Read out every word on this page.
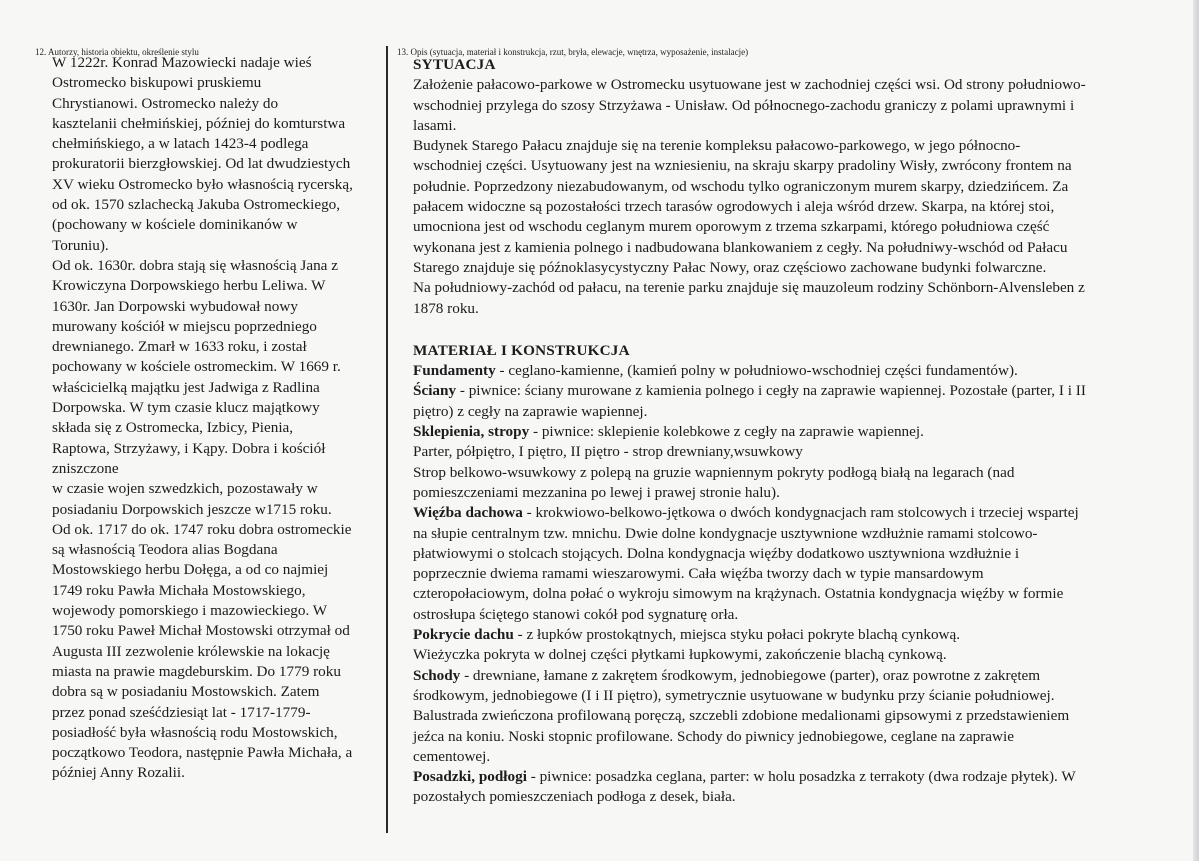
12. Autorzy, historia obiektu, określenie stylu	13. Opis (sytuacja, materiał i konstrukcja, rzut, bryła, elewacje, wnętrza, wyposażenie, instalacje)
W 1222r. Konrad Mazowiecki nadaje wieś
Ostromecko biskupowi pruskiemu
Chrystianowi. Ostromecko należy do
kasztelanii chełmińskiej, później do komturstwa
chełmińskiego, a w latach 1423-4 podlega
prokuratorii bierzgłowskiej. Od lat dwudziestych
XV wieku Ostromecko było własnością rycerską,
od ok. 1570 szlachecką Jakuba Ostromeckiego,
(pochowany w kościele dominikanów w
Toruniu).
Od ok. 1630r. dobra stają się własnością Jana z
Krowiczyna Dorpowskiego herbu Leliwa. W
1630r. Jan Dorpowski wybudował nowy
murowany kościół w miejscu poprzedniego
drewnianego. Zmarł w 1633 roku, i został
pochowany w kościele ostromeckim. W 1669 r.
właścicielką majątku jest Jadwiga z Radlina
Dorpowska. W tym czasie klucz majątkowy
składa się z Ostromecka, Izbicy, Pienia,
Raptowa, Strzyżawy, i Kąpy. Dobra i kościół
zniszczone
w czasie wojen szwedzkich, pozostawały w
posiadaniu Dorpowskich jeszcze w1715 roku.
Od ok. 1717 do ok. 1747 roku dobra ostromeckie
są własnością Teodora alias Bogdana
Mostowskiego herbu Dołęga, a od co najmiej
1749 roku Pawła Michała Mostowskiego,
wojewody pomorskiego i mazowieckiego. W
1750 roku Paweł Michał Mostowski otrzymał od
Augusta III zezwolenie królewskie na lokację
miasta na prawie magdeburskim. Do 1779 roku
dobra są w posiadaniu Mostowskich. Zatem
przez ponad sześćdziesiąt lat - 1717-1779-
posiadłość była własnością rodu Mostowskich,
początkowo Teodora, następnie Pawła Michała, a
później Anny Rozalii.
SYTUACJA
Założenie pałacowo-parkowe w Ostromecku usytuowane jest w zachodniej części wsi. Od strony południowo-
wschodniej przylega do szosy Strzyżawa - Unisław. Od północnego-zachodu graniczy z polami uprawnymi i
lasami.
Budynek Starego Pałacu znajduje się na terenie kompleksu pałacowo-parkowego, w jego północno-
wschodniej części. Usytuowany jest na wzniesieniu, na skraju skarpy pradoliny Wisły, zwrócony frontem na
południe. Poprzedzony niezabudowanym, od wschodu tylko ograniczonym murem skarpy, dziedzińcem. Za
pałacem widoczne są pozostałości trzech tarasów ogrodowych i aleja wśród drzew. Skarpa, na której stoi,
umocniona jest od wschodu ceglanym murem oporowym z trzema szkarpami, którego południowa część
wykonana jest z kamienia polnego i nadbudowana blankowaniem z cegły. Na południwy-wschód od Pałacu
Starego znajduje się późnoklasycystyczny Pałac Nowy, oraz częściowo zachowane budynki folwarczne.
Na południowy-zachód od pałacu, na terenie parku znajduje się mauzoleum rodziny Schönborn-Alvensleben z
1878 roku.
MATERIAŁ I KONSTRUKCJA
Fundamenty - ceglano-kamienne, (kamień polny w południowo-wschodniej części fundamentów).
Ściany - piwnice: ściany murowane z kamienia polnego i cegły na zaprawie wapiennej. Pozostałe (parter, I i II
piętro) z cegły na zaprawie wapiennej.
Sklepienia, stropy - piwnice: sklepienie kolebkowe z cegły na zaprawie wapiennej.
Parter, półpiętro, I piętro, II piętro - strop drewniany,wsuwkowy
Strop belkowo-wsuwkowy z polepą na gruzie wapniennym pokryty podłogą białą na legarach (nad
pomieszczeniami mezzanina po lewej i prawej stronie halu).
Więźba dachowa - krokwiowo-belkowo-jętkowa o dwóch kondygnacjach ram stolcowych i trzeciej wspartej
na słupie centralnym tzw. mnichu. Dwie dolne kondygnacje usztywnione wzdłużnie ramami stolcowo-
płatwiowymi o stolcach stojących. Dolna kondygnacja więźby dodatkowo usztywniona wzdłużnie i
poprzecznie dwiema ramami wieszarowymi. Cała więźba tworzy dach w typie mansardowym
czteropołaciowym, dolna połać o wykroju simowym na krążynach. Ostatnia kondygnacja więźby w formie
ostrosłupa ściętego stanowi cokół pod sygnaturę orła.
Pokrycie dachu - z łupków prostokątnych, miejsca styku połaci pokryte blachą cynkową.
Wieżyczka pokryta w dolnej części płytkami łupkowymi, zakończenie blachą cynkową.
Schody - drewniane, łamane z zakrętem środkowym, jednobiegowe (parter), oraz powrotne z zakrętem
środkowym, jednobiegowe (I i II piętro), symetrycznie usytuowane w budynku przy ścianie południowej.
Balustrada zwieńczona profilowaną poręczą, szczebli zdobione medalionami gipsowymi z przedstawieniem
jeźca na koniu. Noski stopnic profilowane. Schody do piwnicy jednobiegowe, ceglane na zaprawie
cementowej.
Posadzki, podłogi - piwnice: posadzka ceglana, parter: w holu posadzka z terrakoty (dwa rodzaje płytek). W
pozostałych pomieszczeniach podłoga z desek, biała.
